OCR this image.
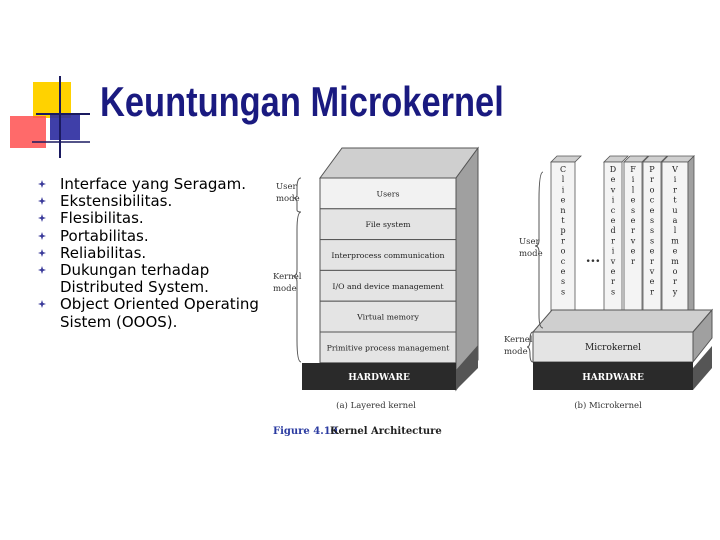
Keuntungan Microkernel
Interface yang Seragam.
Ekstensibilitas.
Flesibilitas.
Portabilitas.
Reliabilitas.
Dukungan terhadap Distributed System.
Object Oriented Operating Sistem (OOOS).
Users
File system
Interprocess communication
I/O and device management
Virtual memory
Primitive process management
HARDWARE
User
mode
Kernel
mode
(a) Layered kernel
C
l
i
e
n
t
p
r
o
c
e
s
s
D
e
v
i
c
e
d
r
i
v
e
r
s
F
i
l
e
s
e
r
v
e
r
P
r
o
c
e
s
s
s
e
r
v
e
r
V
i
r
t
u
a
l
m
e
m
o
r
y
...
Microkernel
HARDWARE
User
mode
Kernel
mode
(b) Microkernel
Figure 4.10
Kernel Architecture
